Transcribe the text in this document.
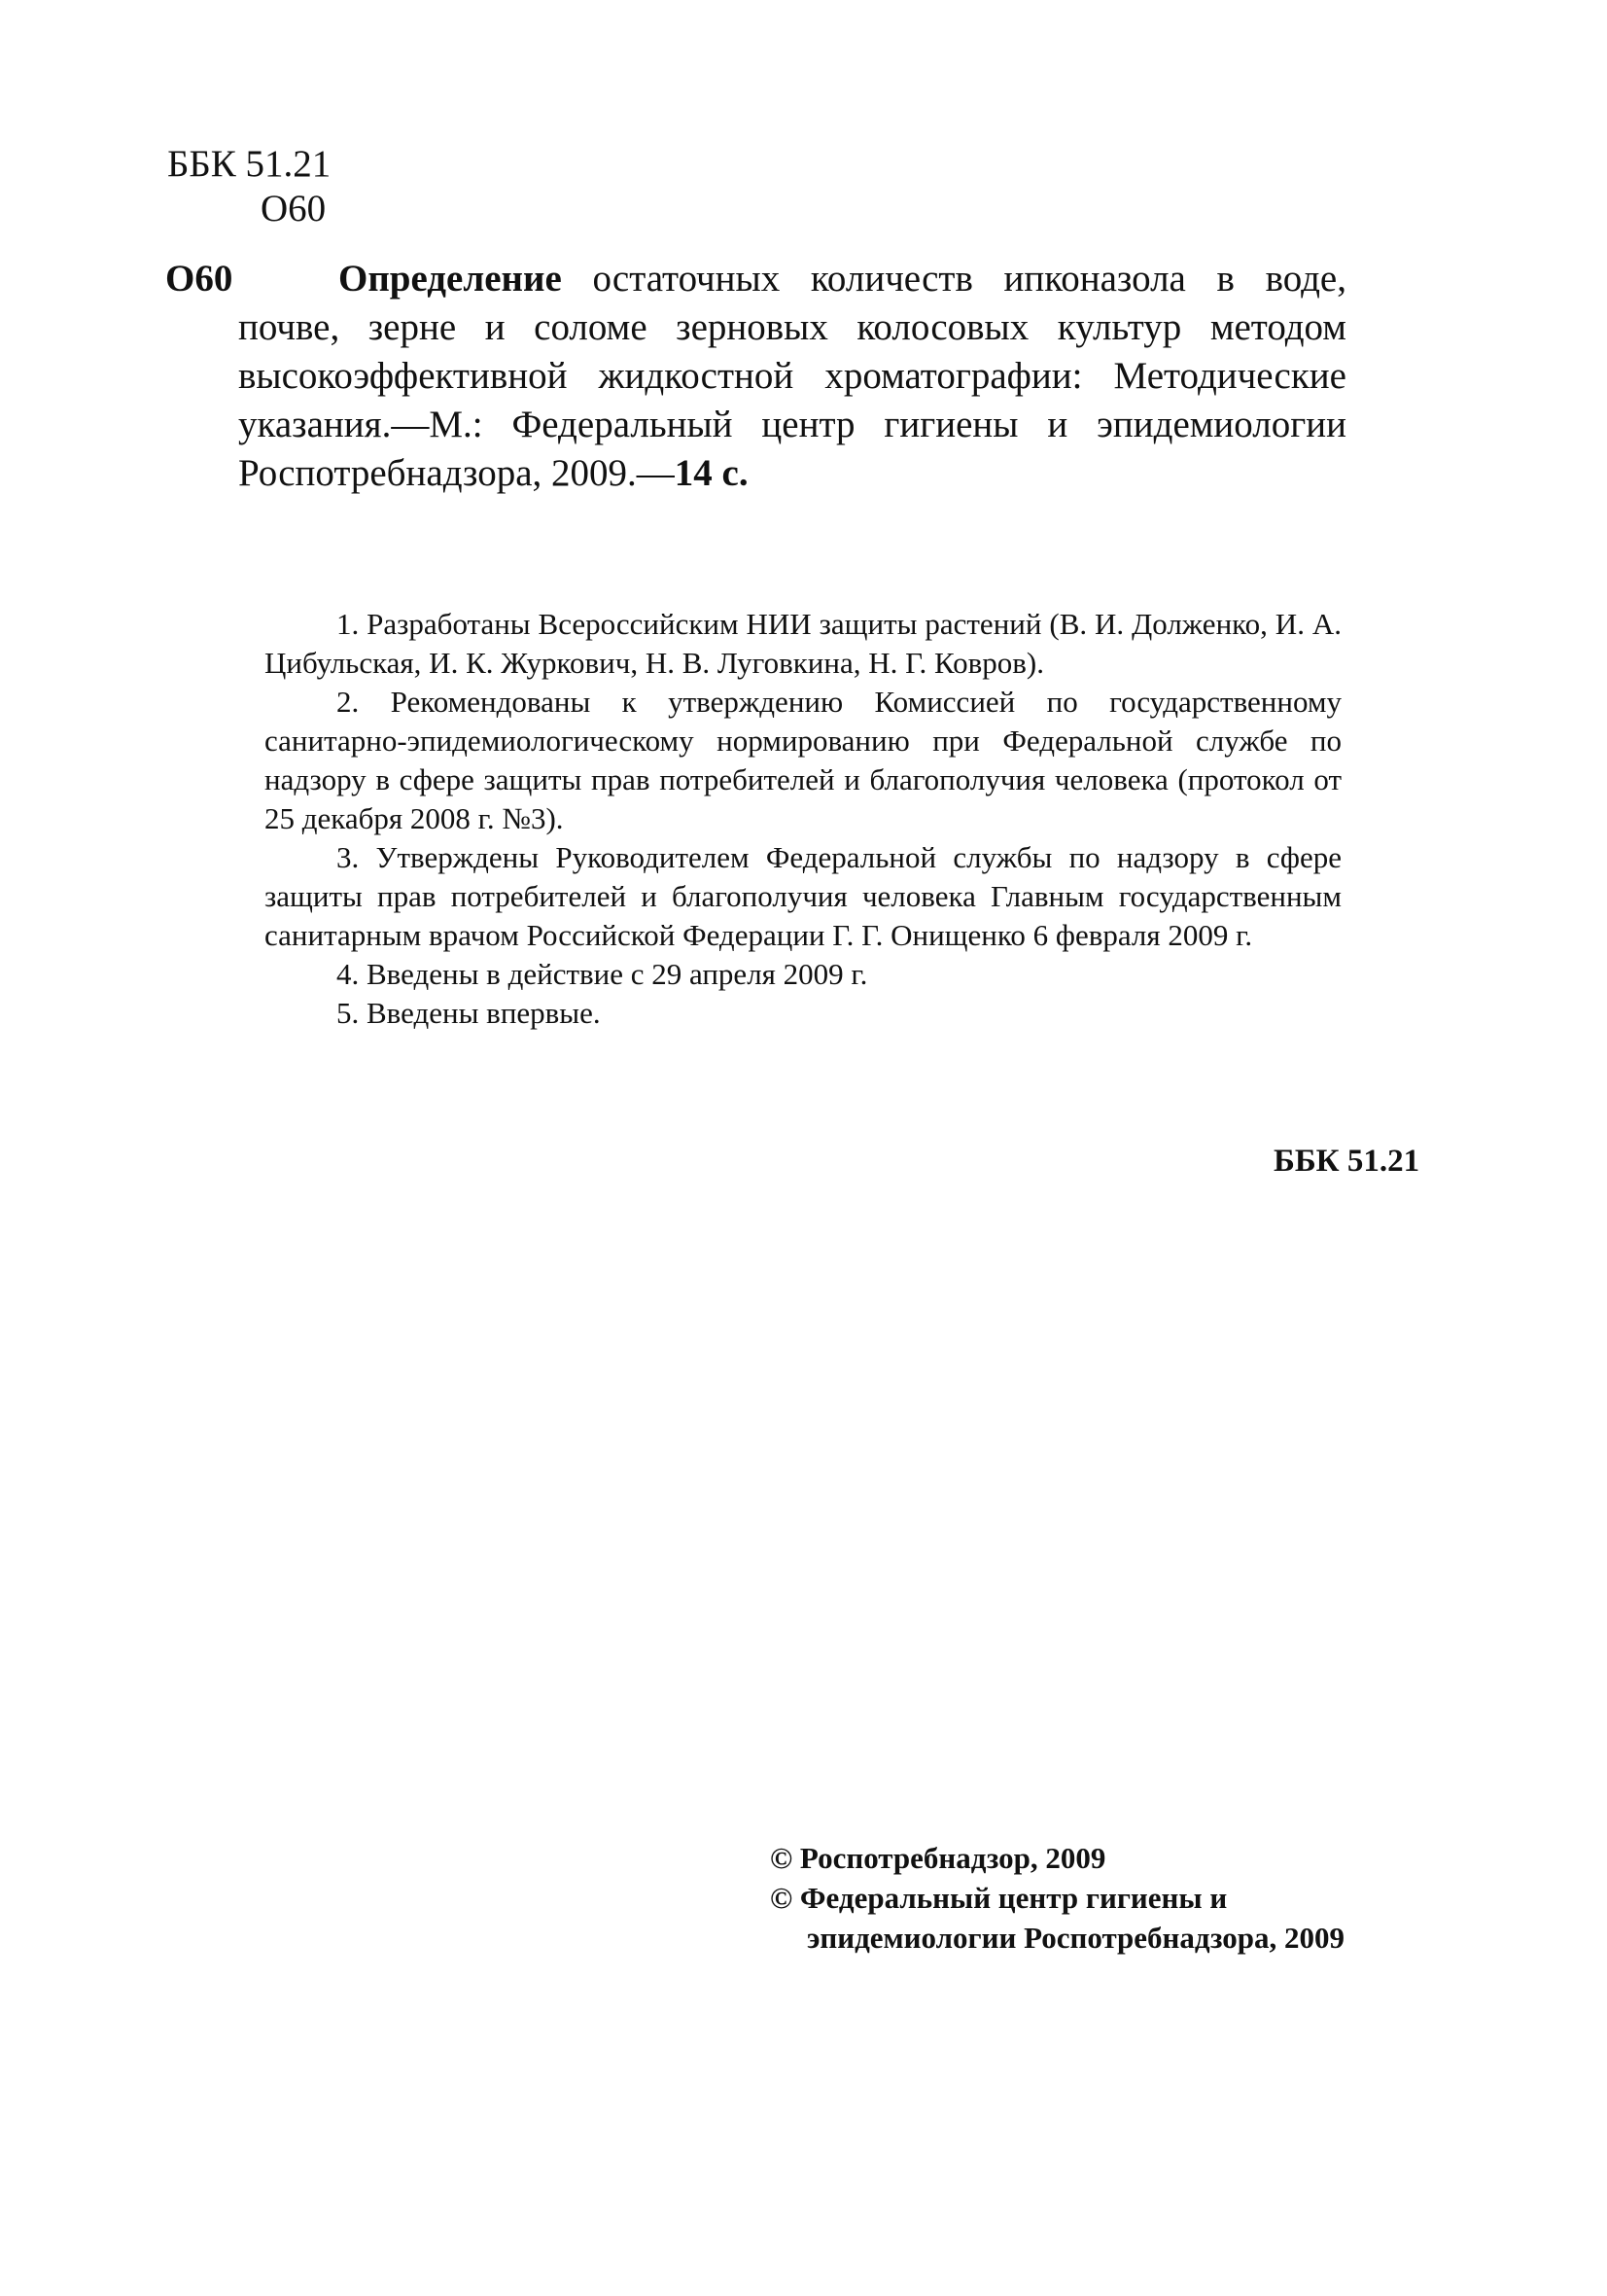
ББК 51.21
O60
O60	Определение остаточных количеств ипконазола в воде, почве, зерне и соломе зерновых колосовых культур методом высокоэффективной жидкостной хроматографии: Методические указания.—М.: Федеральный центр гигиены и эпидемиологии Роспотребнадзора, 2009.—14 с.

1. Разработаны Всероссийским НИИ защиты растений (В. И. Долженко, И. А. Цибульская, И. К. Журкович, Н. В. Луговкина, Н. Г. Ковров).

2. Рекомендованы к утверждению Комиссией по государственному санитарно-эпидемиологическому нормированию при Федеральной службе по надзору в сфере защиты прав потребителей и благополучия человека (протокол от 25 декабря 2008 г. №3).

3. Утверждены Руководителем Федеральной службы по надзору в сфере защиты прав потребителей и благополучия человека Главным государственным санитарным врачом Российской Федерации Г. Г. Онищенко 6 февраля 2009 г.

4. Введены в действие с 29 апреля 2009 г.

5. Введены впервые.

ББК 51.21
© Роспотребнадзор, 2009
© Федеральный центр гигиены и
эпидемиологии Роспотребнадзора, 2009
